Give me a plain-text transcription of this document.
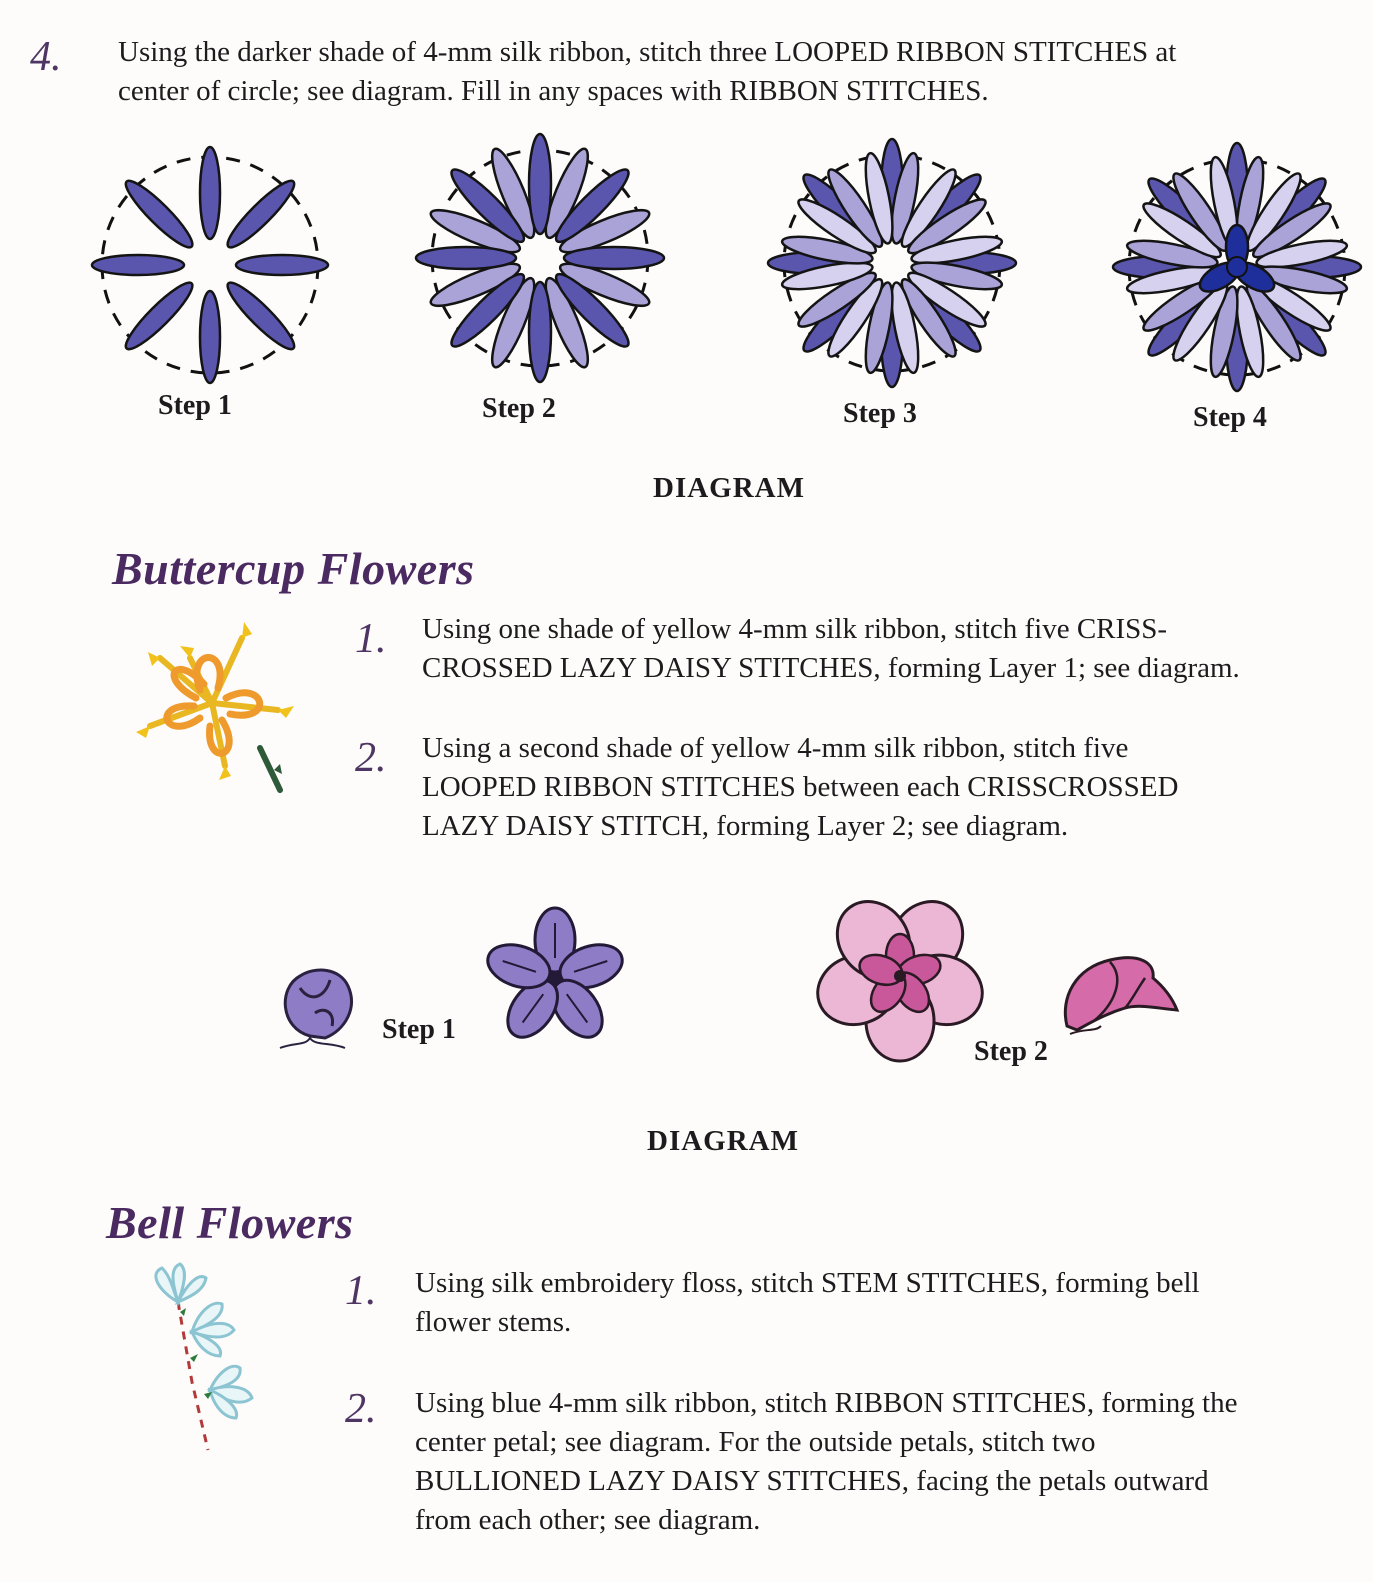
4. Using the darker shade of 4-mm silk ribbon, stitch three LOOPED RIBBON STITCHES at
center of circle; see diagram. Fill in any spaces with RIBBON STITCHES.
Step 1	Step 2	Step 3	Step 4
DIAGRAM
Buttercup Flowers
1. Using one shade of yellow 4-mm silk ribbon, stitch five CRISS-
CROSSED LAZY DAISY STITCHES, forming Layer 1; see diagram.
2. Using a second shade of yellow 4-mm silk ribbon, stitch five
LOOPED RIBBON STITCHES between each CRISSCROSSED
LAZY DAISY STITCH, forming Layer 2; see diagram.
Step 1
Step 2
DIAGRAM
Bell Flowers
1. Using silk embroidery floss, stitch STEM STITCHES, forming bell
flower stems.
2. Using blue 4-mm silk ribbon, stitch RIBBON STITCHES, forming the
center petal; see diagram. For the outside petals, stitch two
BULLIONED LAZY DAISY STITCHES, facing the petals outward
from each other; see diagram.
